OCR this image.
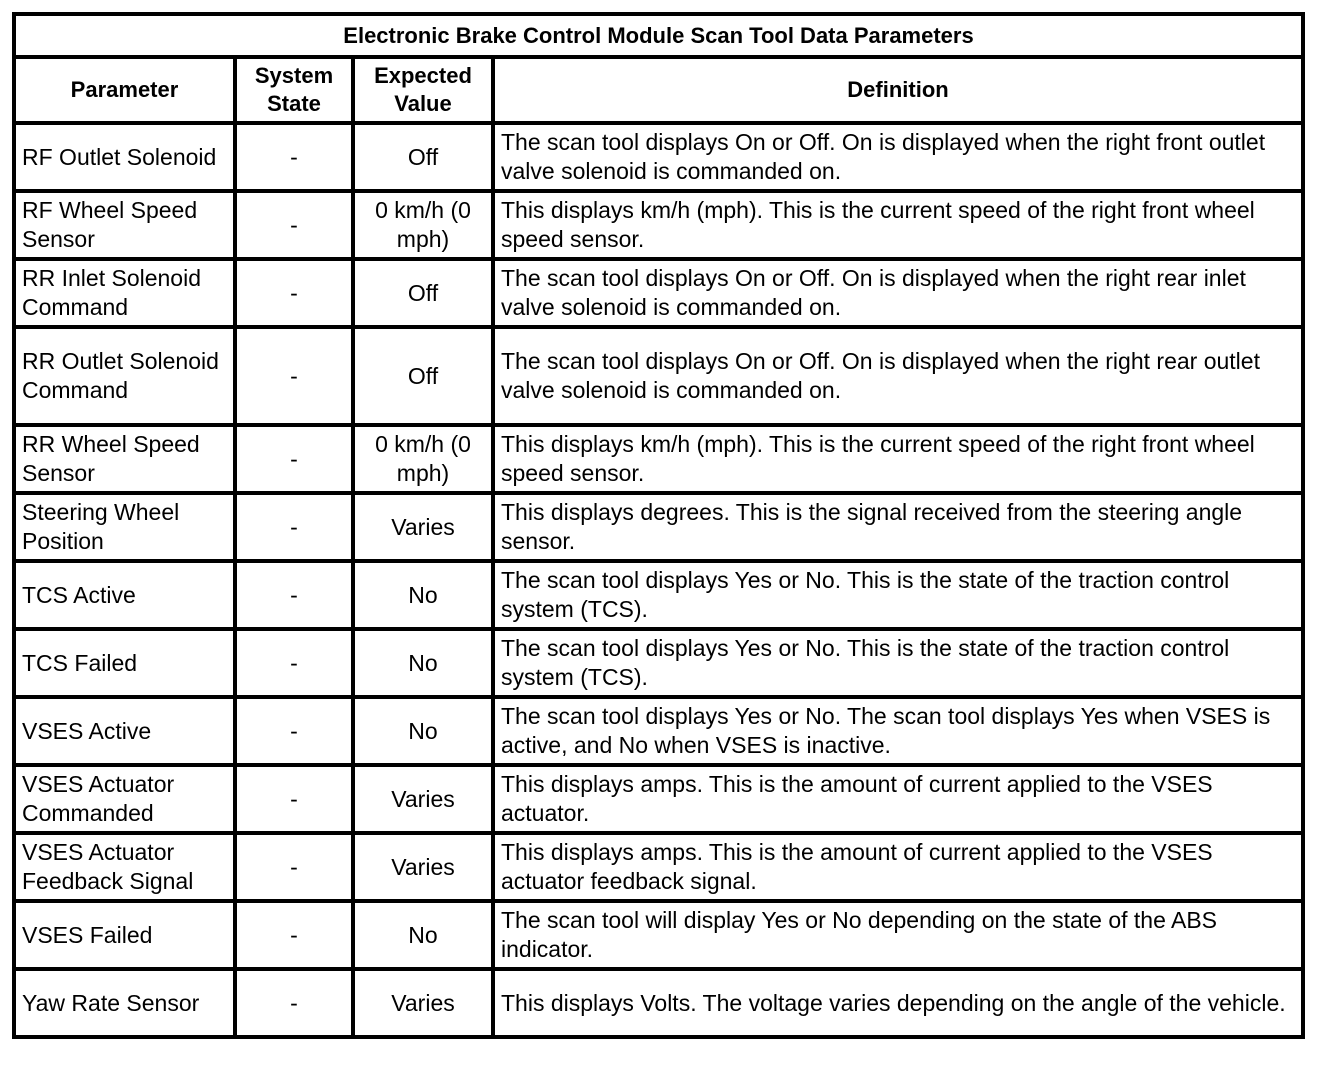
Electronic Brake Control Module Scan Tool Data Parameters			
Parameter	System State	Expected Value	Definition
RF Outlet Solenoid	-	Off	The scan tool displays On or Off. On is displayed when the right front outlet valve solenoid is commanded on.
RF Wheel Speed Sensor	-	0 km/h (0 mph)	This displays km/h (mph). This is the current speed of the right front wheel speed sensor.
RR Inlet Solenoid Command	-	Off	The scan tool displays On or Off. On is displayed when the right rear inlet valve solenoid is commanded on.
RR Outlet Solenoid Command	-	Off	The scan tool displays On or Off. On is displayed when the right rear outlet valve solenoid is commanded on.
RR Wheel Speed Sensor	-	0 km/h (0 mph)	This displays km/h (mph). This is the current speed of the right front wheel speed sensor.
Steering Wheel Position	-	Varies	This displays degrees. This is the signal received from the steering angle sensor.
TCS Active	-	No	The scan tool displays Yes or No. This is the state of the traction control system (TCS).
TCS Failed	-	No	The scan tool displays Yes or No. This is the state of the traction control system (TCS).
VSES Active	-	No	The scan tool displays Yes or No. The scan tool displays Yes when VSES is active, and No when VSES is inactive.
VSES Actuator Commanded	-	Varies	This displays amps. This is the amount of current applied to the VSES actuator.
VSES Actuator Feedback Signal	-	Varies	This displays amps. This is the amount of current applied to the VSES actuator feedback signal.
VSES Failed	-	No	The scan tool will display Yes or No depending on the state of the ABS indicator.
Yaw Rate Sensor	-	Varies	This displays Volts. The voltage varies depending on the angle of the vehicle.
